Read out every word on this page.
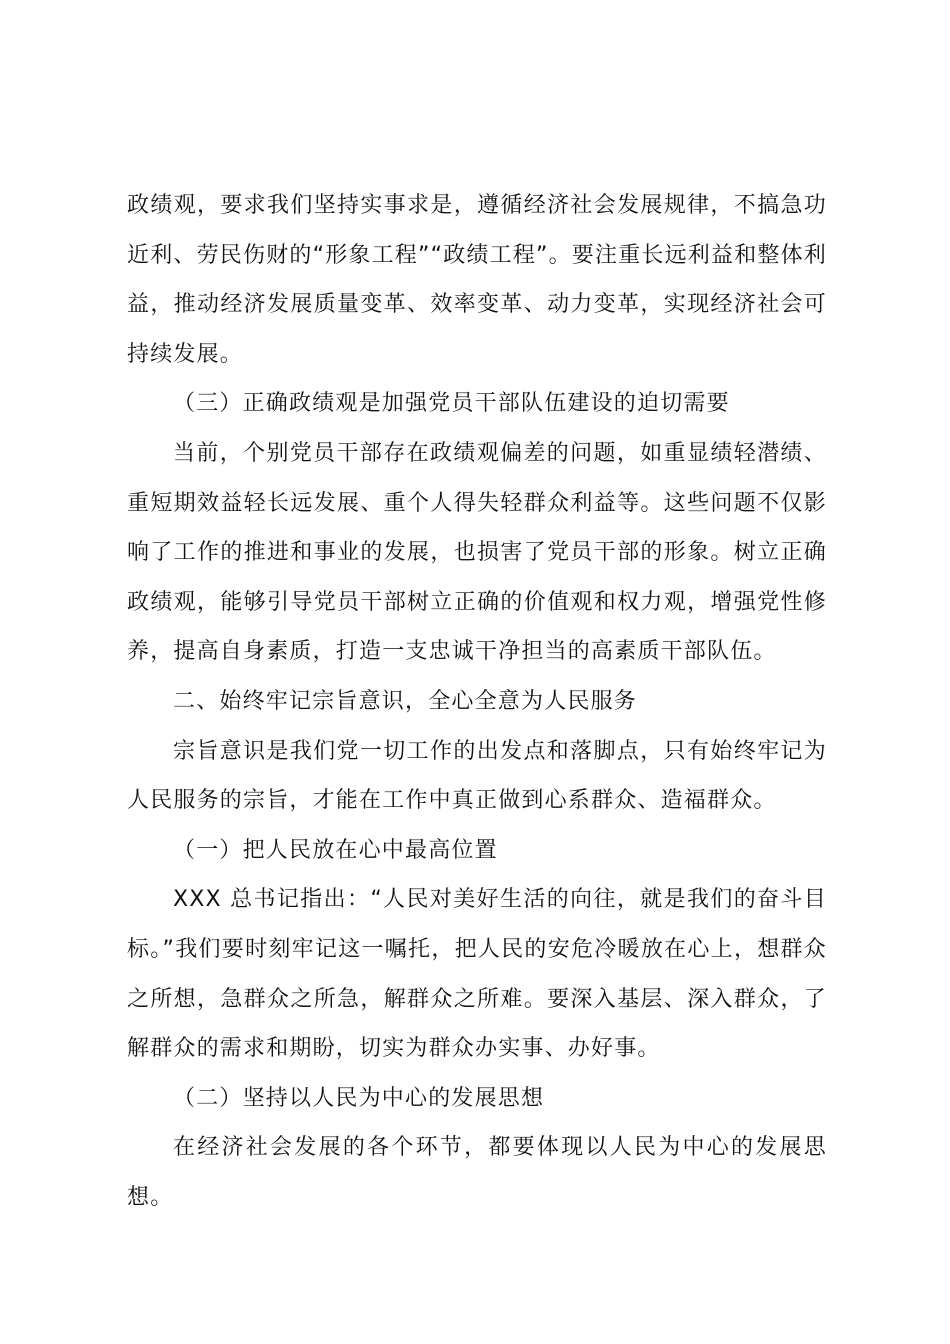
政绩观，要求我们坚持实事求是，遵循经济社会发展规律，不搞急功近利、劳民伤财的“形象工程”“政绩工程”。要注重长远利益和整体利益，推动经济发展质量变革、效率变革、动力变革，实现经济社会可持续发展。

（三）正确政绩观是加强党员干部队伍建设的迫切需要

当前，个别党员干部存在政绩观偏差的问题，如重显绩轻潜绩、重短期效益轻长远发展、重个人得失轻群众利益等。这些问题不仅影响了工作的推进和事业的发展，也损害了党员干部的形象。树立正确政绩观，能够引导党员干部树立正确的价值观和权力观，增强党性修养，提高自身素质，打造一支忠诚干净担当的高素质干部队伍。

二、始终牢记宗旨意识，全心全意为人民服务

宗旨意识是我们党一切工作的出发点和落脚点，只有始终牢记为人民服务的宗旨，才能在工作中真正做到心系群众、造福群众。

（一）把人民放在心中最高位置

XXX 总书记指出：“人民对美好生活的向往，就是我们的奋斗目标。”我们要时刻牢记这一嘱托，把人民的安危冷暖放在心上，想群众之所想，急群众之所急，解群众之所难。要深入基层、深入群众，了解群众的需求和期盼，切实为群众办实事、办好事。

（二）坚持以人民为中心的发展思想

在经济社会发展的各个环节，都要体现以人民为中心的发展思想。
